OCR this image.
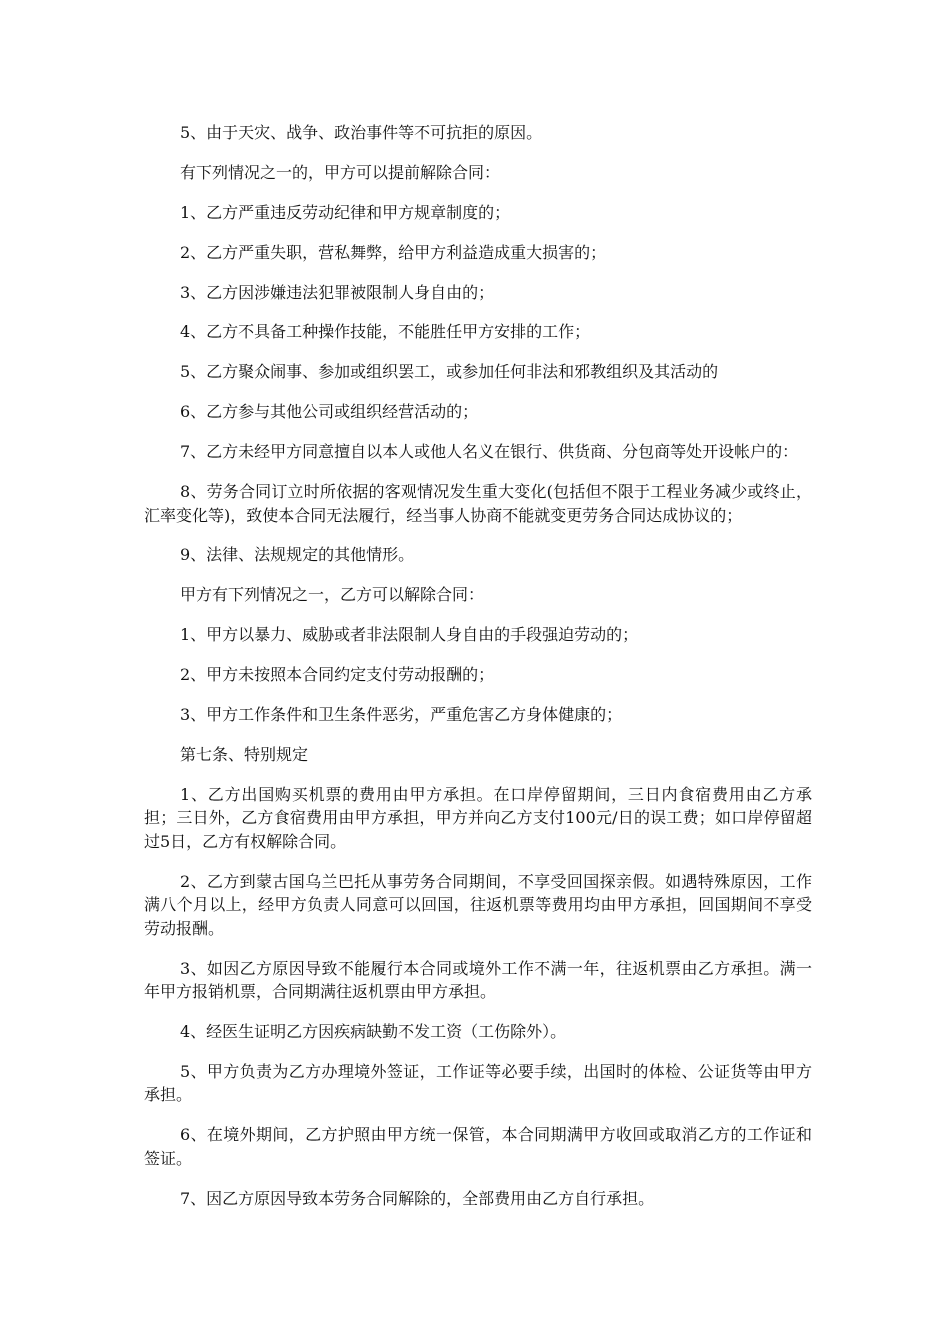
5、由于天灾、战争、政治事件等不可抗拒的原因。

有下列情况之一的，甲方可以提前解除合同：

1、乙方严重违反劳动纪律和甲方规章制度的；

2、乙方严重失职，营私舞弊，给甲方利益造成重大损害的；

3、乙方因涉嫌违法犯罪被限制人身自由的；

4、乙方不具备工种操作技能，不能胜任甲方安排的工作；

5、乙方聚众闹事、参加或组织罢工，或参加任何非法和邪教组织及其活动的

6、乙方参与其他公司或组织经营活动的；

7、乙方未经甲方同意擅自以本人或他人名义在银行、供货商、分包商等处开设帐户的：

8、劳务合同订立时所依据的客观情况发生重大变化(包括但不限于工程业务减少或终止，汇率变化等)，致使本合同无法履行，经当事人协商不能就变更劳务合同达成协议的；

9、法律、法规规定的其他情形。

甲方有下列情况之一，乙方可以解除合同：

1、甲方以暴力、威胁或者非法限制人身自由的手段强迫劳动的；

2、甲方未按照本合同约定支付劳动报酬的；

3、甲方工作条件和卫生条件恶劣，严重危害乙方身体健康的；

第七条、特别规定

1、乙方出国购买机票的费用由甲方承担。在口岸停留期间，三日内食宿费用由乙方承担；三日外，乙方食宿费用由甲方承担，甲方并向乙方支付100元/日的误工费；如口岸停留超过5日，乙方有权解除合同。

2、乙方到蒙古国乌兰巴托从事劳务合同期间，不享受回国探亲假。如遇特殊原因，工作满八个月以上，经甲方负责人同意可以回国，往返机票等费用均由甲方承担，回国期间不享受劳动报酬。

3、如因乙方原因导致不能履行本合同或境外工作不满一年，往返机票由乙方承担。满一年甲方报销机票，合同期满往返机票由甲方承担。

4、经医生证明乙方因疾病缺勤不发工资（工伤除外）。

5、甲方负责为乙方办理境外签证，工作证等必要手续，出国时的体检、公证货等由甲方承担。

6、在境外期间，乙方护照由甲方统一保管，本合同期满甲方收回或取消乙方的工作证和签证。

7、因乙方原因导致本劳务合同解除的，全部费用由乙方自行承担。
